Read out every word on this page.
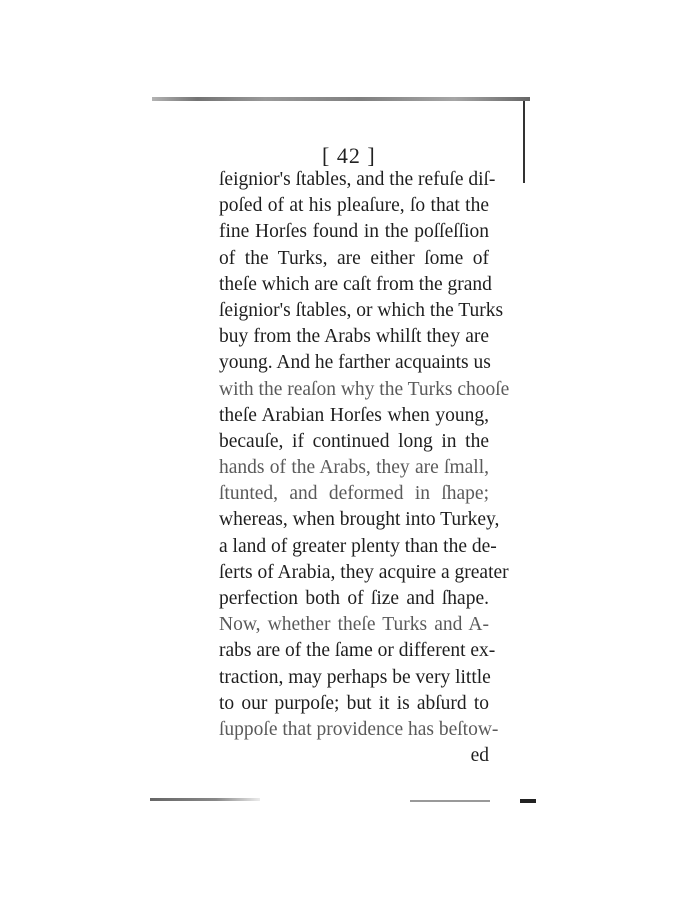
[ 42 ]
ſeignior's ſtables, and the refuſe diſ-
poſed of at his pleaſure, ſo that the
fine Horſes found in the poſſeſſion
of the Turks, are either ſome of
theſe which are caſt from the grand
ſeignior's ſtables, or which the Turks
buy from the Arabs whilſt they are
young. And he farther acquaints us
with the reaſon why the Turks chooſe
theſe Arabian Horſes when young,
becauſe, if continued long in the
hands of the Arabs, they are ſmall,
ſtunted, and deformed in ſhape;
whereas, when brought into Turkey,
a land of greater plenty than the de-
ſerts of Arabia, they acquire a greater
perfection both of ſize and ſhape.
Now, whether theſe Turks and A-
rabs are of the ſame or different ex-
traction, may perhaps be very little
to our purpoſe; but it is abſurd to
ſuppoſe that providence has beſtow-
ed
